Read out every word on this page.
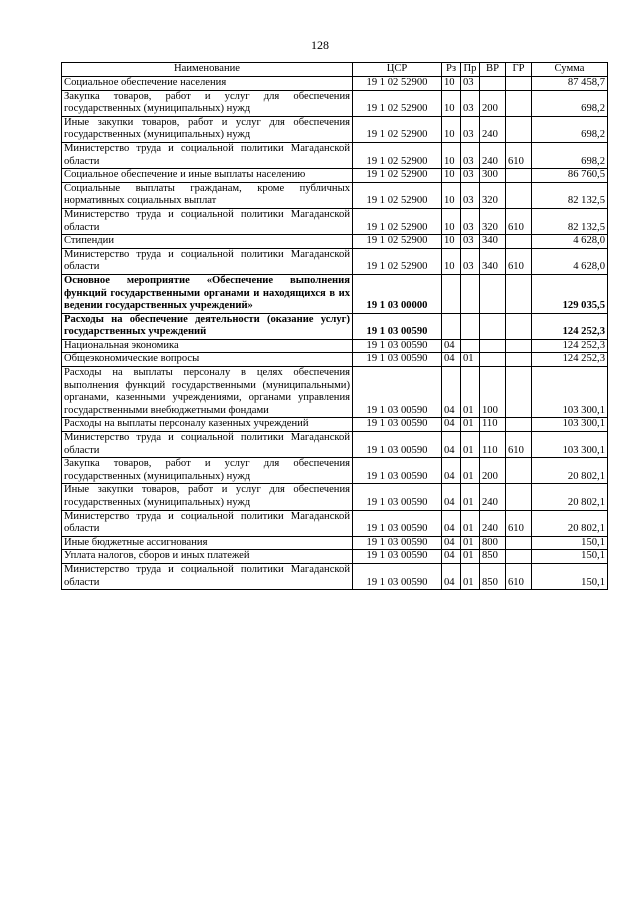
128
Наименование	ЦСР	Рз	Пр	ВР	ГР	Сумма
Социальное обеспечение населения	19 1 02 52900	10	03			87 458,7
Закупка товаров, работ и услуг для обеспечения государственных (муниципальных) нужд	19 1 02 52900	10	03	200		698,2
Иные закупки товаров, работ и услуг для обеспечения государственных (муниципальных) нужд	19 1 02 52900	10	03	240		698,2
Министерство труда и социальной политики Магаданской области	19 1 02 52900	10	03	240	610	698,2
Социальное обеспечение и иные выплаты населению	19 1 02 52900	10	03	300		86 760,5
Социальные выплаты гражданам, кроме публичных нормативных социальных выплат	19 1 02 52900	10	03	320		82 132,5
Министерство труда и социальной политики Магаданской области	19 1 02 52900	10	03	320	610	82 132,5
Стипендии	19 1 02 52900	10	03	340		4 628,0
Министерство труда и социальной политики Магаданской области	19 1 02 52900	10	03	340	610	4 628,0
Основное мероприятие «Обеспечение выполнения функций государственными органами и находящихся в их ведении государственных учреждений»	19 1 03 00000					129 035,5
Расходы на обеспечение деятельности (оказание услуг) государственных учреждений	19 1 03 00590					124 252,3
Национальная экономика	19 1 03 00590	04				124 252,3
Общеэкономические вопросы	19 1 03 00590	04	01			124 252,3
Расходы на выплаты персоналу в целях обеспечения выполнения функций государственными (муниципальными) органами, казенными учреждениями, органами управления государственными внебюджетными фондами	19 1 03 00590	04	01	100		103 300,1
Расходы на выплаты персоналу казенных учреждений	19 1 03 00590	04	01	110		103 300,1
Министерство труда и социальной политики Магаданской области	19 1 03 00590	04	01	110	610	103 300,1
Закупка товаров, работ и услуг для обеспечения государственных (муниципальных) нужд	19 1 03 00590	04	01	200		20 802,1
Иные закупки товаров, работ и услуг для обеспечения государственных (муниципальных) нужд	19 1 03 00590	04	01	240		20 802,1
Министерство труда и социальной политики Магаданской области	19 1 03 00590	04	01	240	610	20 802,1
Иные бюджетные ассигнования	19 1 03 00590	04	01	800		150,1
Уплата налогов, сборов и иных платежей	19 1 03 00590	04	01	850		150,1
Министерство труда и социальной политики Магаданской области	19 1 03 00590	04	01	850	610	150,1
